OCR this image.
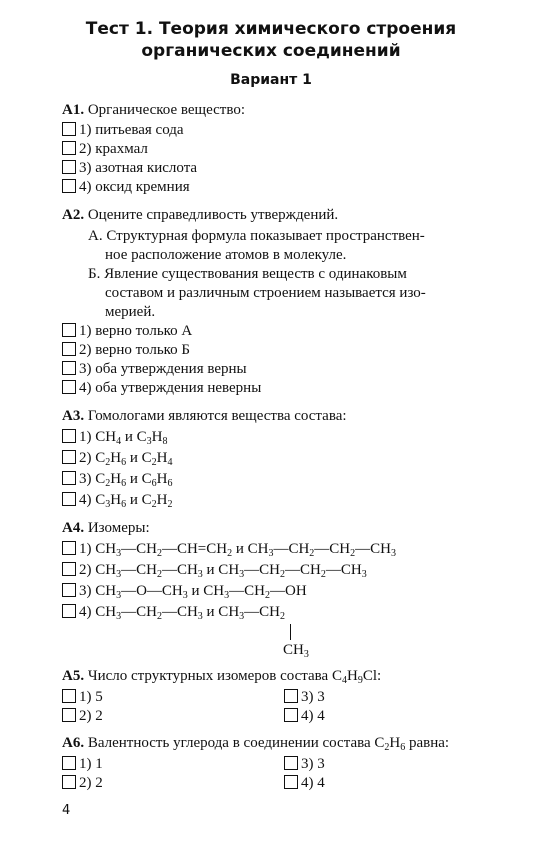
Тест 1. Теория химического строения
органических соединений
Вариант 1
А1. Органическое вещество:
1) питьевая сода
2) крахмал
3) азотная кислота
4) оксид кремния
А2. Оцените справедливость утверждений.
А. Структурная формула показывает пространствен-
ное расположение атомов в молекуле.
Б. Явление существования веществ с одинаковым
составом и различным строением называется изо-
мерией.
1) верно только А
2) верно только Б
3) оба утверждения верны
4) оба утверждения неверны
А3. Гомологами являются вещества состава:
1) $CH_4$ и $C_3H_8$
2) $C_2H_6$ и $C_2H_4$
3) $C_2H_6$ и $C_6H_6$
4) $C_3H_6$ и $C_2H_2$
А4. Изомеры:
1) $CH_3—CH_2—CH=CH_2$ и $CH_3—CH_2—CH_2—CH_3$
2) $CH_3—CH_2—CH_3$ и $CH_3—CH_2—CH_2—CH_3$
3) $CH_3—O—CH_3$ и $CH_3—CH_2—OH$
4) $CH_3—CH_2—CH_3$ и $CH_3—CH_2$
$CH_3$
А5. Число структурных изомеров состава $C_4H_9Cl$:
1) 5	3) 3
2) 2	4) 4
А6. Валентность углерода в соединении состава $C_2H_6$ равна:
1) 1	3) 3
2) 2	4) 4
4
